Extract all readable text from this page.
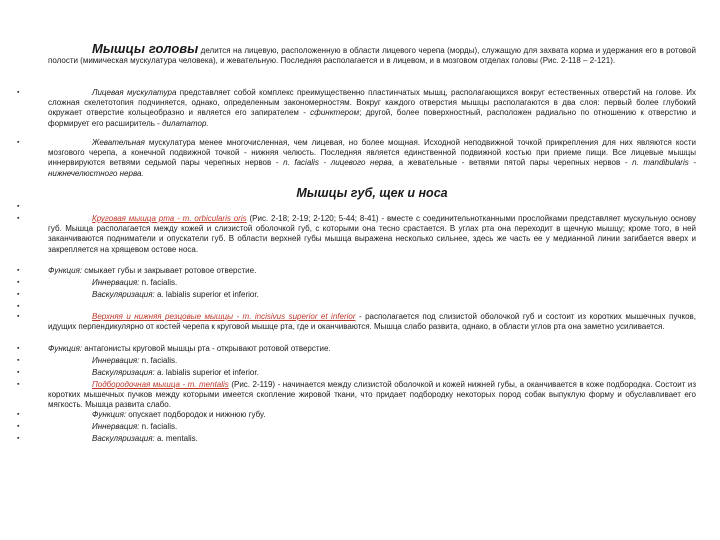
Мышцы головы делится на лицевую, расположенную в области лицевого черепа (морды), служащую для захвата корма и удержания его в ротовой полости (мимическая мускулатура человека), и жевательную. Последняя располагается и в лицевом, и в мозговом отделах головы (Рис. 2-118 – 2-121).
▪	Лицевая мускулатура представляет собой комплекс преимущественно пластинчатых мышц, располагающихся вокруг естественных отверстий на голове. Их сложная скелетотопия подчиняется, однако, определенным закономерностям. Вокруг каждого отверстия мышцы располагаются в два слоя: первый более глубокий окружает отверстие кольцеобразно и является его запирателем - сфинктером; другой, более поверхностный, расположен радиально по отношению к отверстию и формирует его расширитель - дилататор.
▪	Жевательная мускулатура менее многочисленная, чем лицевая, но более мощная. Исходной неподвижной точкой прикрепления для них являются кости мозгового черепа, а конечной подвижной точкой - нижняя челюсть. Последняя является единственной подвижной костью при приеме пищи. Все лицевые мышцы иннервируются ветвями седьмой пары черепных нервов - n. facialis - лицевого нерва, а жевательные - ветвями пятой пары черепных нервов - n. mandibularis - нижнечелюстного нерва.
Мышцы губ, щек и носа
▪
▪	Круговая мышца рта - m. orbicularis oris (Рис. 2-18; 2-19; 2-120; 5-44; 8-41) - вместе с соединительнотканными прослойками представляет мускульную основу губ. Мышца располагается между кожей и слизистой оболочкой губ, с которыми она тесно срастается. В углах рта она переходит в щечную мышцу; кроме того, в ней заканчиваются подниматели и опускатели губ. В области верхней губы мышца выражена несколько сильнее, здесь же часть ее у медианной линии загибается вверх и закрепляется на хрящевом остове носа.
▪	Функция: смыкает губы и закрывает ротовое отверстие.
▪	Иннервация: n. facialis.
▪	Васкуляризация: a. labialis superior et inferior.
▪
▪	Верхняя и нижняя резцовые мышцы - m. incisivus superior et inferior - располагается под слизистой оболочкой губ и состоит из коротких мышечных пучков, идущих перпендикулярно от костей черепа к круговой мышце рта, где и оканчиваются. Мышца слабо развита, однако, в области углов рта она заметно усиливается.
▪	Функция: антагонисты круговой мышцы рта - открывают ротовой отверстие.
▪	Иннервация: n. facialis.
▪	Васкуляризация: a. labialis superior et inferior.
▪	Подбородочная мышца - m. mentalis (Рис. 2-119) - начинается между слизистой оболочкой и кожей нижней губы, а оканчивается в коже подбородка. Состоит из коротких мышечных пучков между которыми имеется скопление жировой ткани, что придает подбородку некоторых пород собак выпуклую форму и обуславливает его мягкость. Мышца развита слабо.
▪	Функция: опускает подбородок и нижнюю губу.
▪	Иннервация: n. facialis.
▪	Васкуляризация: a. mentalis.
